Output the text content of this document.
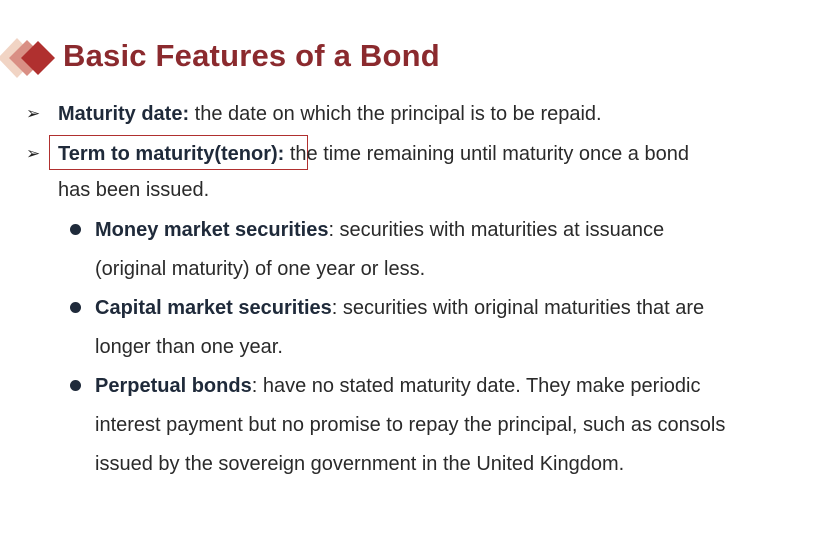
Basic Features of a Bond
➢ Maturity date: the date on which the principal is to be repaid.
➢ Term to maturity(tenor): the time remaining until maturity once a bond
has been issued.
Money market securities: securities with maturities at issuance
(original maturity) of one year or less.
Capital market securities: securities with original maturities that are
longer than one year.
Perpetual bonds: have no stated maturity date. They make periodic
interest payment but no promise to repay the principal, such as consols
issued by the sovereign government in the United Kingdom.
